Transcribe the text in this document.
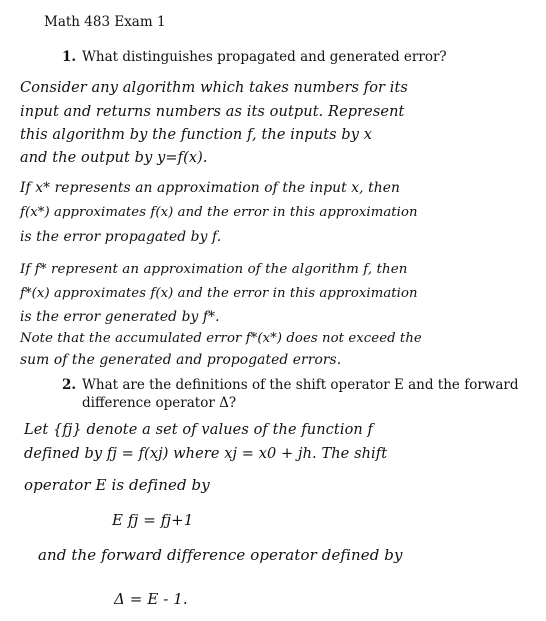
Math 483 Exam 1
1. What distinguishes propagated and generated error?
Consider any algorithm which takes numbers for its
input and returns numbers as its output. Represent
this algorithm by the function f, the inputs by x
and the output by y=f(x).
If x* represents an approximation of the input x, then
f(x*) approximates f(x) and the error in this approximation
is the error propagated by f.
If f* represent an approximation of the algorithm f, then
f*(x) approximates f(x) and the error in this approximation
is the error generated by f*.
Note that the accumulated error f*(x*) does not exceed the
sum of the generated and propogated errors.
2. What are the definitions of the shift operator E and the forward
difference operator Δ?
Let {fj} denote a set of values of the function f
defined by fj = f(xj) where xj = x0 + jh. The shift
operator E is defined by
E fj = fj+1
and the forward difference operator defined by
Δ = E - 1.
